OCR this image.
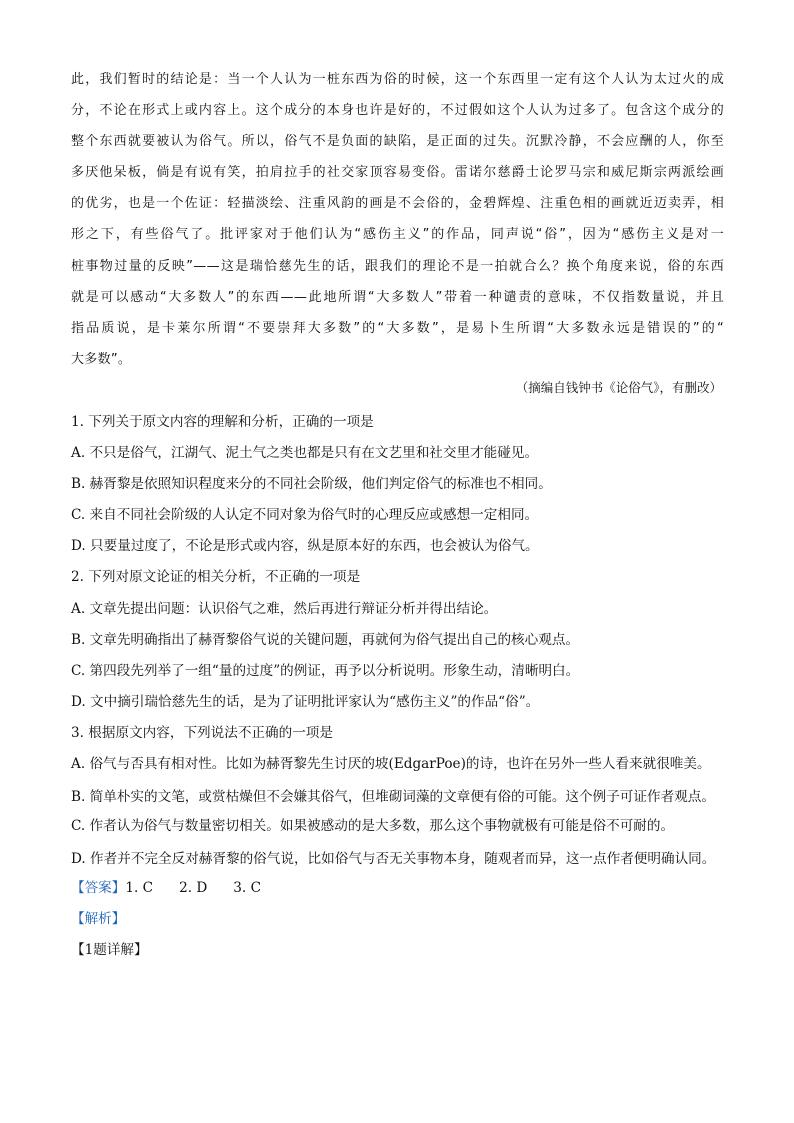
此，我们暂时的结论是：当一个人认为一桩东西为俗的时候，这一个东西里一定有这个人认为太过火的成
分，不论在形式上或内容上。这个成分的本身也许是好的，不过假如这个人认为过多了。包含这个成分的
整个东西就要被认为俗气。所以，俗气不是负面的缺陷，是正面的过失。沉默冷静，不会应酬的人，你至
多厌他呆板，倘是有说有笑，拍肩拉手的社交家顶容易变俗。雷诺尔慈爵士论罗马宗和威尼斯宗两派绘画
的优劣，也是一个佐证：轻描淡绘、注重风韵的画是不会俗的，金碧辉煌、注重色相的画就近迈卖弄，相
形之下，有些俗气了。批评家对于他们认为“感伤主义”的作品，同声说“俗”，因为“感伤主义是对一
桩事物过量的反映”——这是瑞恰慈先生的话，跟我们的理论不是一拍就合么？换个角度来说，俗的东西
就是可以感动“大多数人”的东西——此地所谓“大多数人”带着一种谴责的意味，不仅指数量说，并且
指品质说，是卡莱尔所谓“不要崇拜大多数”的“大多数”，是易卜生所谓“大多数永远是错误的”的“
大多数”。
（摘编自钱钟书《论俗气》，有删改）
1. 下列关于原文内容的理解和分析，正确的一项是
A. 不只是俗气，江湖气、泥土气之类也都是只有在文艺里和社交里才能碰见。
B. 赫胥黎是依照知识程度来分的不同社会阶级，他们判定俗气的标准也不相同。
C. 来自不同社会阶级的人认定不同对象为俗气时的心理反应或感想一定相同。
D. 只要量过度了，不论是形式或内容，纵是原本好的东西，也会被认为俗气。
2. 下列对原文论证的相关分析，不正确的一项是
A. 文章先提出问题：认识俗气之难，然后再进行辩证分析并得出结论。
B. 文章先明确指出了赫胥黎俗气说的关键问题，再就何为俗气提出自己的核心观点。
C. 第四段先列举了一组“量的过度”的例证，再予以分析说明。形象生动，清晰明白。
D. 文中摘引瑞恰慈先生的话，是为了证明批评家认为“感伤主义”的作品“俗”。
3. 根据原文内容，下列说法不正确的一项是
A. 俗气与否具有相对性。比如为赫胥黎先生讨厌的坡(EdgarPoe)的诗，也许在另外一些人看来就很唯美。
B. 简单朴实的文笔，或赏枯燥但不会嫌其俗气，但堆砌词藻的文章便有俗的可能。这个例子可证作者观点。
C. 作者认为俗气与数量密切相关。如果被感动的是大多数，那么这个事物就极有可能是俗不可耐的。
D. 作者并不完全反对赫胥黎的俗气说，比如俗气与否无关事物本身，随观者而异，这一点作者便明确认同。
【答案】1. C 2. D 3. C
【解析】
【1题详解】
